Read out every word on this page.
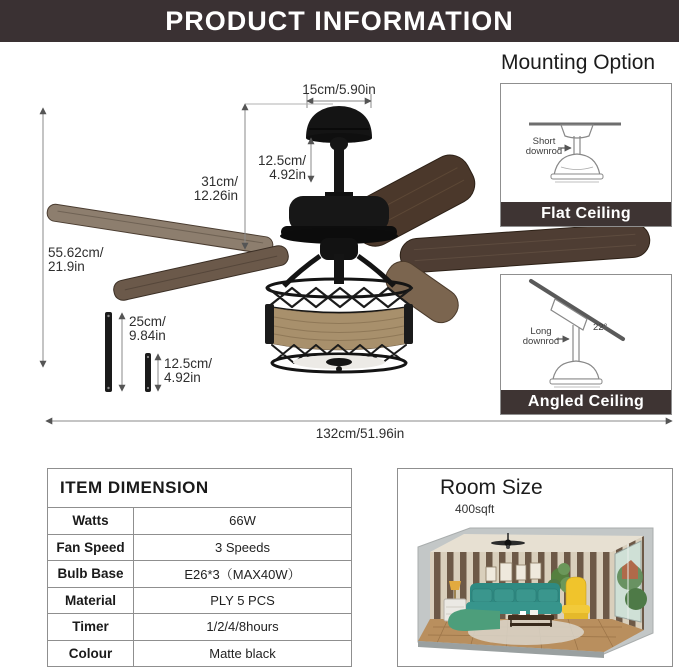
PRODUCT INFORMATION
15cm/5.90in
12.5cm/
4.92in
31cm/
12.26in
55.62cm/
21.9in
25cm/
9.84in
12.5cm/
4.92in
132cm/51.96in
Mounting Option
Short
downrod
Flat Ceiling
22°
Long
downrod
Angled Ceiling
ITEM DIMENSION
Watts	66W
Fan Speed	3 Speeds
Bulb Base	E26*3（MAX40W）
Material	PLY 5 PCS
Timer	1/2/4/8hours
Colour	Matte black
Room Size
400sqft
